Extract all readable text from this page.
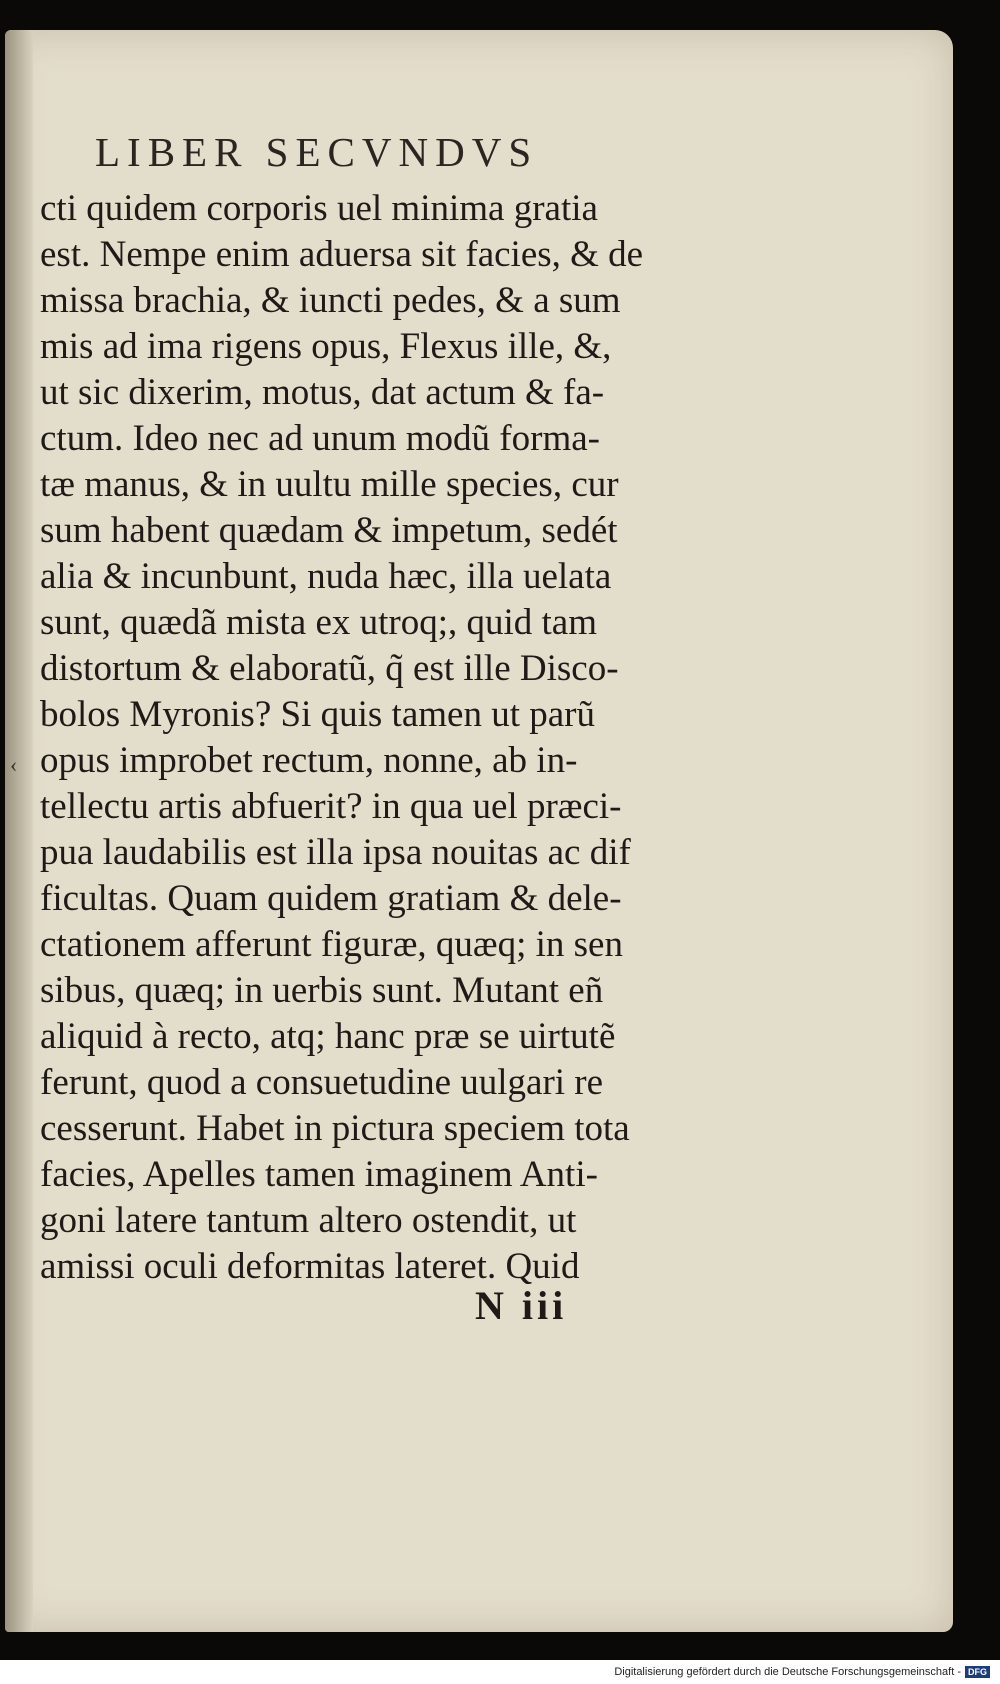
‹
LIBER SECVNDVS
cti quidem corporis uel minima gratia
est. Nempe enim aduersa sit facies, & de
missa brachia, & iuncti pedes, & a sum
mis ad ima rigens opus, Flexus ille, &,
ut sic dixerim, motus, dat actum & fa-
ctum. Ideo nec ad unum modũ forma-
tæ manus, & in uultu mille species, cur
sum habent quædam & impetum, sedét
alia & incunbunt, nuda hæc, illa uelata
sunt, quædã mista ex utroq;, quid tam
distortum & elaboratũ, q̃ est ille Disco-
bolos Myronis? Si quis tamen ut parũ
opus improbet rectum, nonne, ab in-
tellectu artis abfuerit? in qua uel præci-
pua laudabilis est illa ipsa nouitas ac dif
ficultas. Quam quidem gratiam & dele-
ctationem afferunt figuræ, quæq; in sen
sibus, quæq; in uerbis sunt. Mutant eñ
aliquid à recto, atq; hanc præ se uirtutẽ
ferunt, quod a consuetudine uulgari re
cesserunt. Habet in pictura speciem tota
facies, Apelles tamen imaginem Anti-
goni latere tantum altero ostendit, ut
amissi oculi deformitas lateret. Quid
N iii
Digitalisierung gefördert durch die Deutsche Forschungsgemeinschaft - DFG
